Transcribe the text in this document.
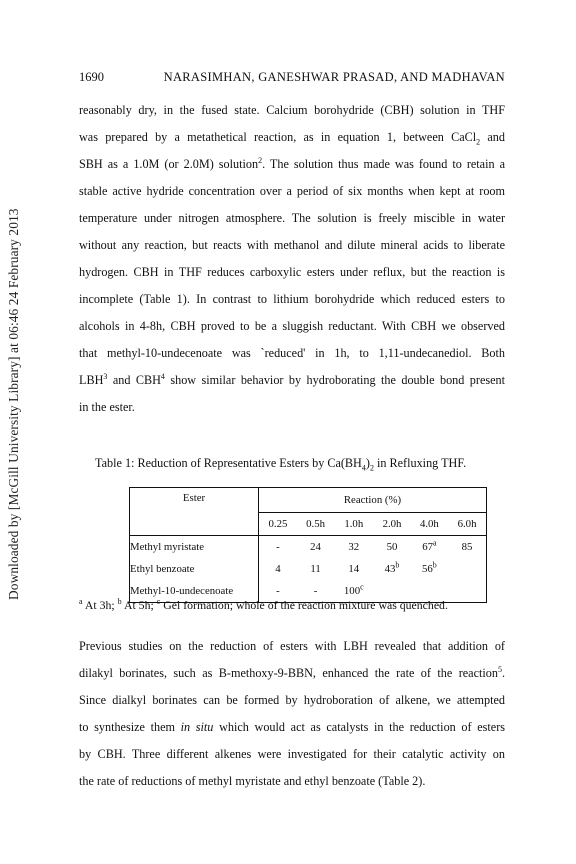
Downloaded by [McGill University Library] at 06:46 24 February 2013
1690	NARASIMHAN, GANESHWAR PRASAD, AND MADHAVAN
reasonably dry, in the fused state. Calcium borohydride (CBH) solution in THF
was prepared by a metathetical reaction, as in equation 1, between CaCl$_2$ and
SBH as a 1.0M (or 2.0M) solution$^2$. The solution thus made was found to retain a
stable active hydride concentration over a period of six months when kept at room
temperature under nitrogen atmosphere. The solution is freely miscible in water
without any reaction, but reacts with methanol and dilute mineral acids to liberate
hydrogen. CBH in THF reduces carboxylic esters under reflux, but the reaction is
incomplete (Table 1). In contrast to lithium borohydride which reduced esters to
alcohols in 4-8h, CBH proved to be a sluggish reductant. With CBH we observed
that methyl-10-undecenoate was `reduced' in 1h, to 1,11-undecanediol. Both
LBH$^3$ and CBH$^4$ show similar behavior by hydroborating the double bond present
in the ester.
Table 1: Reduction of Representative Esters by $Ca(BH_4)_2$ in Refluxing THF.
Ester	Reaction (%)					
	0.25	0.5h	1.0h	2.0h	4.0h	6.0h
Methyl myristate	-	24	32	50	67$^a$	85
Ethyl benzoate	4	11	14	43$^b$	56$^b$	
Methyl-10-undecenoate	-	-	100$^c$			
$^a$ At 3h; $^b$ At 5h; $^c$ Gel formation; whole of the reaction mixture was quenched.
Previous studies on the reduction of esters with LBH revealed that addition of
dilakyl borinates, such as B-methoxy-9-BBN, enhanced the rate of the reaction$^5$.
Since dialkyl borinates can be formed by hydroboration of alkene, we attempted
to synthesize them in situ which would act as catalysts in the reduction of esters
by CBH. Three different alkenes were investigated for their catalytic activity on
the rate of reductions of methyl myristate and ethyl benzoate (Table 2).
